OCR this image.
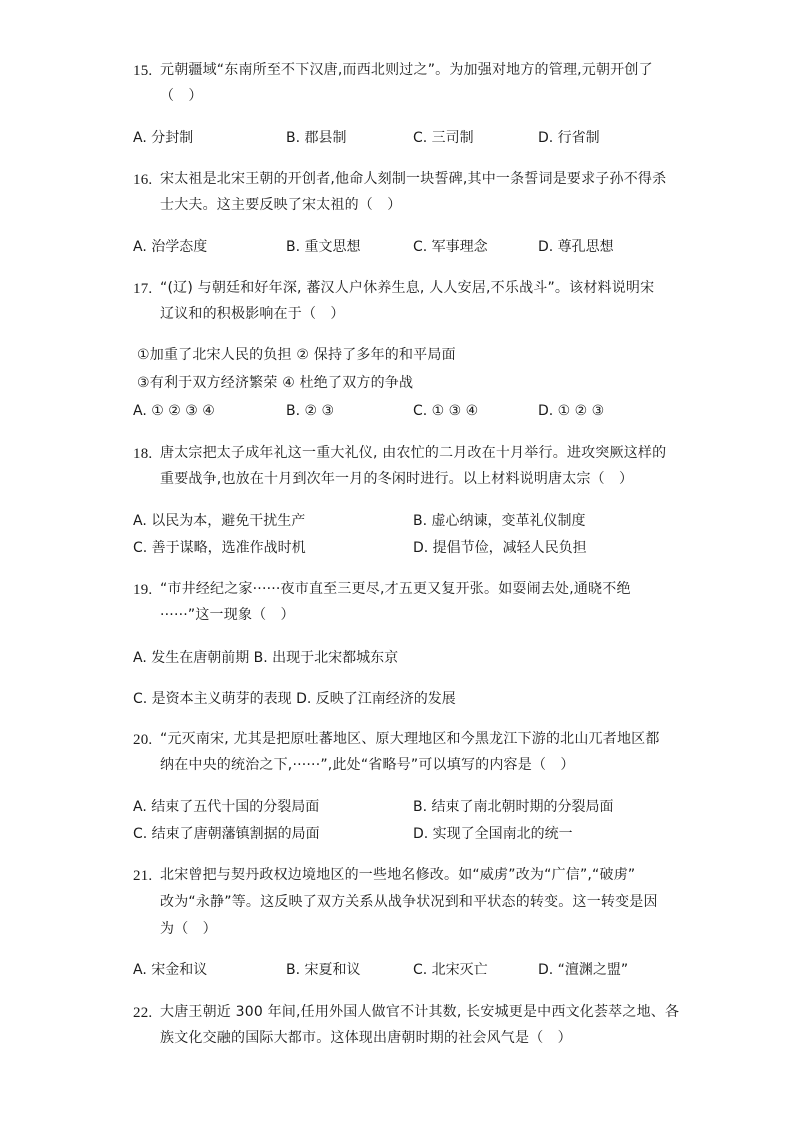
15. 元朝疆域“东南所至不下汉唐,而西北则过之”。为加强对地方的管理,元朝开创了
（　）
A. 分封制	B. 郡县制	C. 三司制	D. 行省制
16. 宋太祖是北宋王朝的开创者,他命人刻制一块誓碑,其中一条誓词是要求子孙不得杀
士大夫。这主要反映了宋太祖的（　）
A. 治学态度	B. 重文思想	C. 军事理念	D. 尊孔思想
17. “(辽) 与朝廷和好年深, 蕃汉人户休养生息, 人人安居,不乐战斗”。该材料说明宋
辽议和的积极影响在于（　）
①加重了北宋人民的负担 ② 保持了多年的和平局面
③有利于双方经济繁荣 ④ 杜绝了双方的争战
A. ① ② ③ ④	B. ② ③	C. ① ③ ④	D. ① ② ③
18. 唐太宗把太子成年礼这一重大礼仪, 由农忙的二月改在十月举行。进攻突厥这样的
重要战争,也放在十月到次年一月的冬闲时进行。以上材料说明唐太宗（　）
A. 以民为本，避免干扰生产	B. 虚心纳谏，变革礼仪制度
C. 善于谋略，选准作战时机	D. 提倡节俭，减轻人民负担
19. “市井经纪之家······夜市直至三更尽,才五更又复开张。如耍闹去处,通晓不绝
······”这一现象（　）
A. 发生在唐朝前期 B. 出现于北宋都城东京
C. 是资本主义萌芽的表现 D. 反映了江南经济的发展
20. “元灭南宋, 尤其是把原吐蕃地区、原大理地区和今黑龙江下游的北山兀者地区都
纳在中央的统治之下,······”,此处“省略号”可以填写的内容是（　）
A. 结束了五代十国的分裂局面	B. 结束了南北朝时期的分裂局面
C. 结束了唐朝藩镇割据的局面	D. 实现了全国南北的统一
21. 北宋曾把与契丹政权边境地区的一些地名修改。如“威虏”改为“广信”,“破虏”
改为“永静”等。这反映了双方关系从战争状况到和平状态的转变。这一转变是因
为（　）
A. 宋金和议	B. 宋夏和议	C. 北宋灭亡	D. “澶渊之盟”
22. 大唐王朝近 300 年间,任用外国人做官不计其数, 长安城更是中西文化荟萃之地、各
族文化交融的国际大都市。这体现出唐朝时期的社会风气是（　）
